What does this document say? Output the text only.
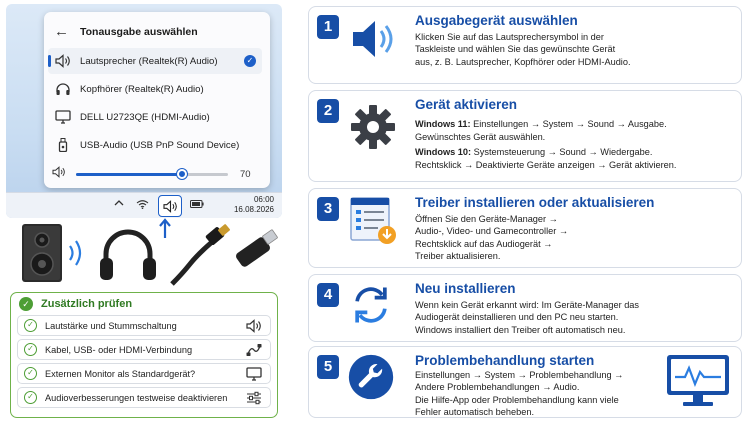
← Tonausgabe auswählen
Lautsprecher (Realtek(R) Audio)	✓
Kopfhörer (Realtek(R) Audio)
DELL U2723QE (HDMI-Audio)
USB-Audio (USB PnP Sound Device)
70
06:00
16.08.2026
✓ Zusätzlich prüfen
✓	Lautstärke und Stummschaltung
✓	Kabel, USB- oder HDMI-Verbindung
✓	Externen Monitor als Standardgerät?
✓	Audioverbesserungen testweise deaktivieren
1	Ausgabegerät auswählen
Klicken Sie auf das Lautsprechersymbol in der
Taskleiste und wählen Sie das gewünschte Gerät
aus, z. B. Lautsprecher, Kopfhörer oder HDMI-Audio.
2	Gerät aktivieren
Windows 11: Einstellungen → System → Sound → Ausgabe.
Gewünschtes Gerät auswählen.
Windows 10: Systemsteuerung → Sound → Wiedergabe.
Rechtsklick → Deaktivierte Geräte anzeigen → Gerät aktivieren.
3	Treiber installieren oder aktualisieren
Öffnen Sie den Geräte-Manager →
Audio-, Video- und Gamecontroller →
Rechtsklick auf das Audiogerät →
Treiber aktualisieren.
4	Neu installieren
Wenn kein Gerät erkannt wird: Im Geräte-Manager das
Audiogerät deinstallieren und den PC neu starten.
Windows installiert den Treiber oft automatisch neu.
5	Problembehandlung starten
Einstellungen → System → Problembehandlung →
Andere Problembehandlungen → Audio.
Die Hilfe-App oder Problembehandlung kann viele
Fehler automatisch beheben.
